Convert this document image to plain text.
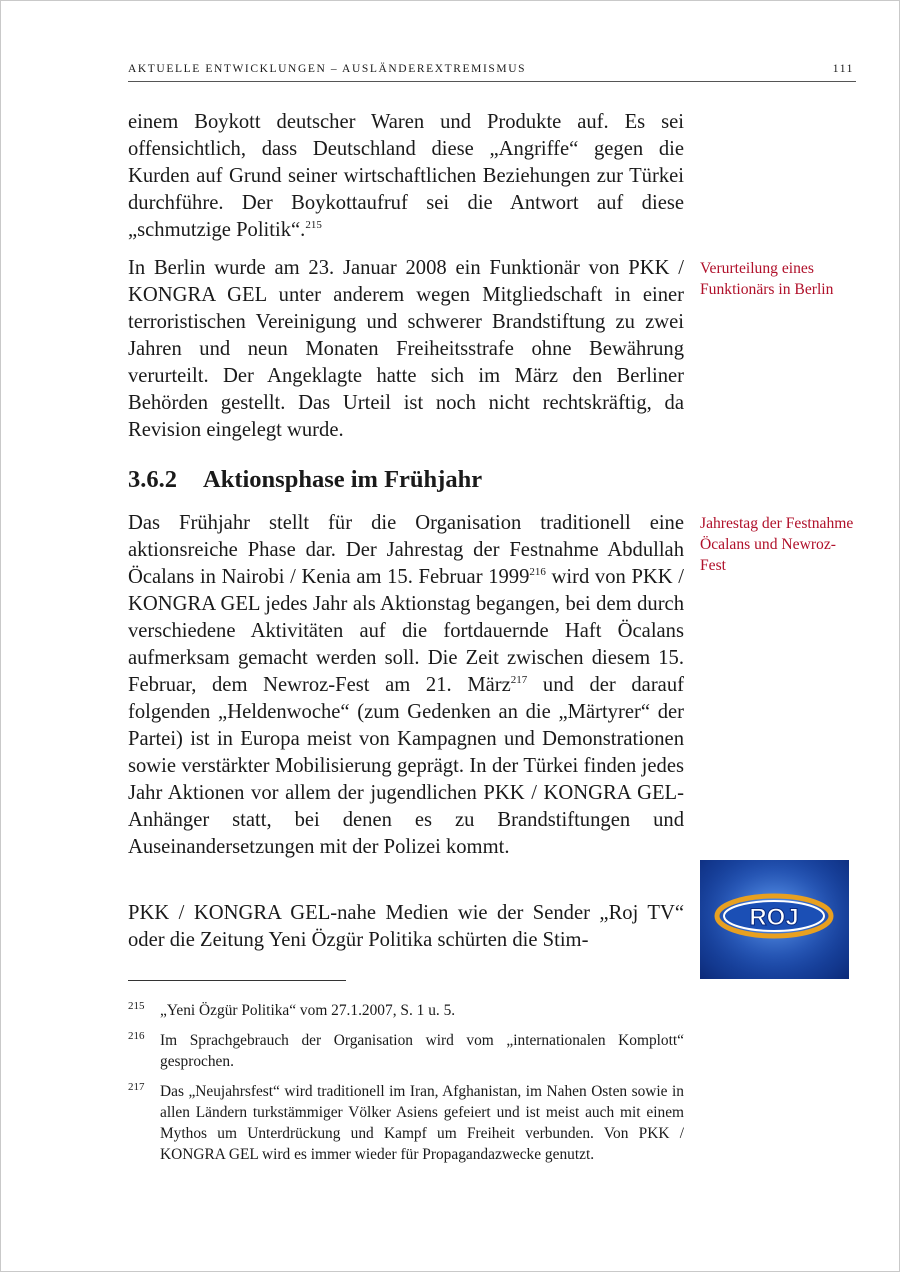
AKTUELLE ENTWICKLUNGEN – AUSLÄNDEREXTREMISMUS	111

einem Boykott deutscher Waren und Produkte auf. Es sei offensichtlich, dass Deutschland diese „Angriffe“ gegen die Kurden auf Grund seiner wirtschaftlichen Beziehungen zur Türkei durchführe. Der Boykottaufruf sei die Antwort auf diese „schmutzige Politik“.$^{215}$

In Berlin wurde am 23. Januar 2008 ein Funktionär von PKK / KONGRA GEL unter anderem wegen Mitgliedschaft in einer terroristischen Vereinigung und schwerer Brandstiftung zu zwei Jahren und neun Monaten Freiheitsstrafe ohne Bewährung verurteilt. Der Angeklagte hatte sich im März den Berliner Behörden gestellt. Das Urteil ist noch nicht rechtskräftig, da Revision eingelegt wurde.

Verurteilung eines Funktionärs in Berlin
3.6.2 Aktionsphase im Frühjahr

Das Frühjahr stellt für die Organisation traditionell eine aktionsreiche Phase dar. Der Jahrestag der Festnahme Abdullah Öcalans in Nairobi / Kenia am 15. Februar 1999$^{216}$ wird von PKK / KONGRA GEL jedes Jahr als Aktionstag begangen, bei dem durch verschiedene Aktivitäten auf die fortdauernde Haft Öcalans aufmerksam gemacht werden soll. Die Zeit zwischen diesem 15. Februar, dem Newroz-Fest am 21. März$^{217}$ und der darauf folgenden „Heldenwoche“ (zum Gedenken an die „Märtyrer“ der Partei) ist in Europa meist von Kampagnen und Demonstrationen sowie verstärkter Mobilisierung geprägt. In der Türkei finden jedes Jahr Aktionen vor allem der jugendlichen PKK / KONGRA GEL-Anhänger statt, bei denen es zu Brandstiftungen und Auseinandersetzungen mit der Polizei kommt.

Jahrestag der Festnahme Öcalans und Newroz-Fest
ROJ

PKK / KONGRA GEL-nahe Medien wie der Sender „Roj TV“ oder die Zeitung Yeni Özgür Politika schürten die Stim-

215 „Yeni Özgür Politika“ vom 27.1.2007, S. 1 u. 5.
216 Im Sprachgebrauch der Organisation wird vom „internationalen Komplott“ gesprochen.
217 Das „Neujahrsfest“ wird traditionell im Iran, Afghanistan, im Nahen Osten sowie in allen Ländern turkstämmiger Völker Asiens gefeiert und ist meist auch mit einem Mythos um Unterdrückung und Kampf um Freiheit verbunden. Von PKK / KONGRA GEL wird es immer wieder für Propagandazwecke genutzt.
